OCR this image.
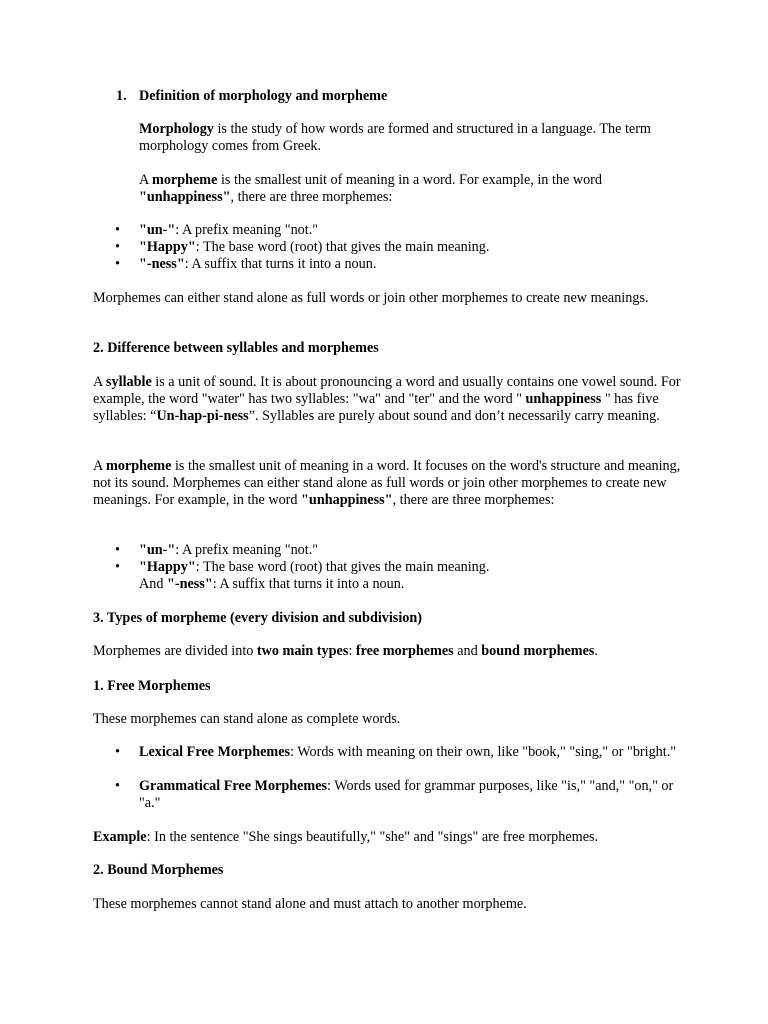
1. Definition of morphology and morpheme

Morphology is the study of how words are formed and structured in a language. The term morphology comes from Greek.

A morpheme is the smallest unit of meaning in a word. For example, in the word "unhappiness", there are three morphemes:

• "un-": A prefix meaning "not."
• "Happy": The base word (root) that gives the main meaning.
• "-ness": A suffix that turns it into a noun.

Morphemes can either stand alone as full words or join other morphemes to create new meanings.

2. Difference between syllables and morphemes

A syllable is a unit of sound. It is about pronouncing a word and usually contains one vowel sound. For example, the word "water" has two syllables: "wa" and "ter" and the word " unhappiness " has five syllables: “Un-hap-pi-ness”. Syllables are purely about sound and don’t necessarily carry meaning.

A morpheme is the smallest unit of meaning in a word. It focuses on the word's structure and meaning, not its sound. Morphemes can either stand alone as full words or join other morphemes to create new meanings. For example, in the word "unhappiness", there are three morphemes:

• "un-": A prefix meaning "not."
• "Happy": The base word (root) that gives the main meaning.
And "-ness": A suffix that turns it into a noun.
3. Types of morpheme (every division and subdivision)

Morphemes are divided into two main types: free morphemes and bound morphemes.

1. Free Morphemes

These morphemes can stand alone as complete words.

• Lexical Free Morphemes: Words with meaning on their own, like "book," "sing," or "bright."
• Grammatical Free Morphemes: Words used for grammar purposes, like "is," "and," "on," or "a."

Example: In the sentence "She sings beautifully," "she" and "sings" are free morphemes.

2. Bound Morphemes

These morphemes cannot stand alone and must attach to another morpheme.
